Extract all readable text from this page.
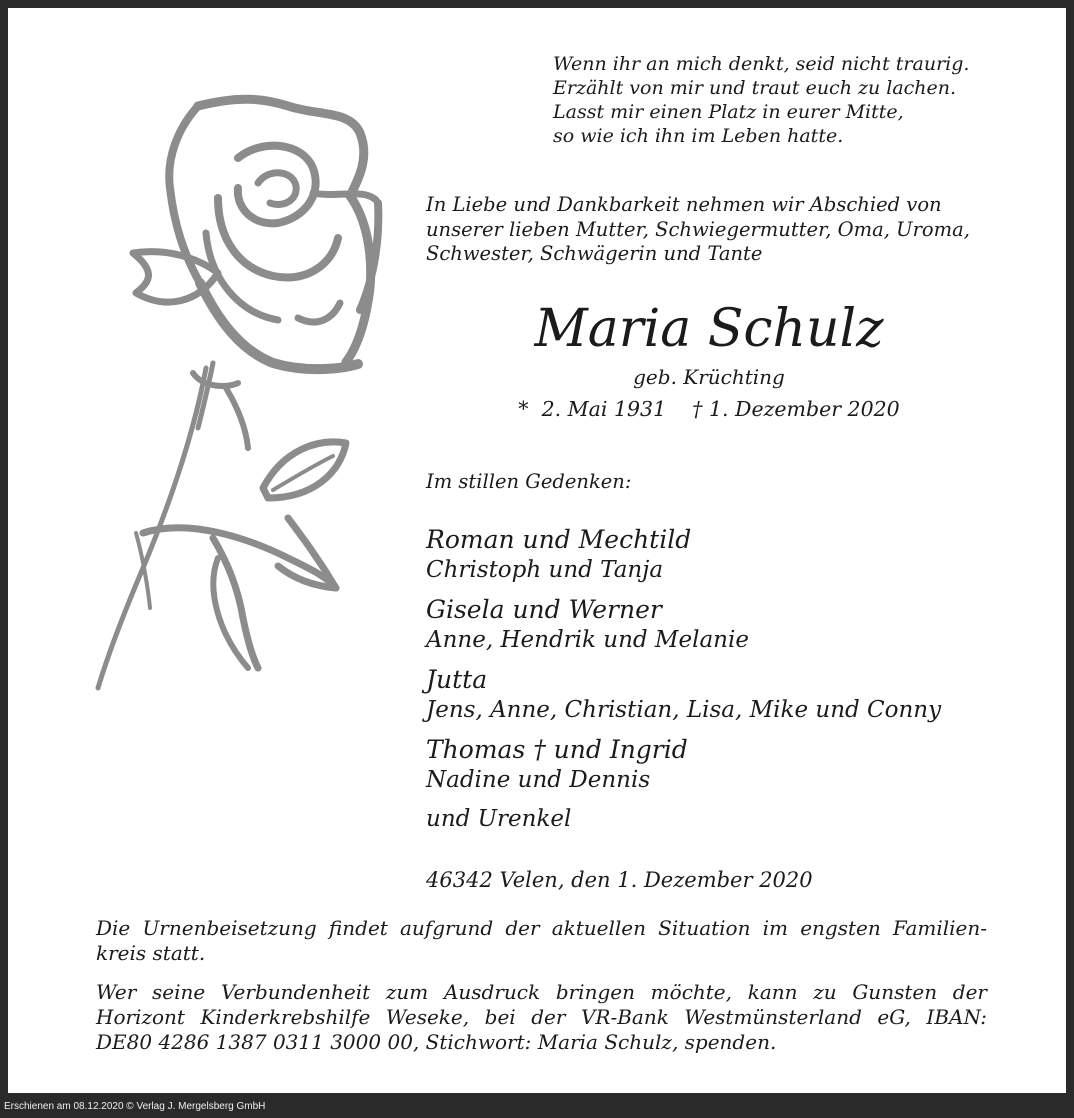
Wenn ihr an mich denkt, seid nicht traurig.
Erzählt von mir und traut euch zu lachen.
Lasst mir einen Platz in eurer Mitte,
so wie ich ihn im Leben hatte.
In Liebe und Dankbarkeit nehmen wir Abschied von
unserer lieben Mutter, Schwiegermutter, Oma, Uroma,
Schwester, Schwägerin und Tante
Maria Schulz
geb. Krüchting
*  2. Mai 1931    † 1. Dezember 2020
Im stillen Gedenken:
Roman und Mechtild
Christoph und Tanja
Gisela und Werner
Anne, Hendrik und Melanie
Jutta
Jens, Anne, Christian, Lisa, Mike und Conny
Thomas † und Ingrid
Nadine und Dennis
und Urenkel
46342 Velen, den 1. Dezember 2020
Die Urnenbeisetzung findet aufgrund der aktuellen Situation im engsten Familien-
kreis statt.
Wer seine Verbundenheit zum Ausdruck bringen möchte, kann zu Gunsten der
Horizont Kinderkrebshilfe Weseke, bei der VR-Bank Westmünsterland eG, IBAN:
DE80 4286 1387 0311 3000 00, Stichwort: Maria Schulz, spenden.
Erschienen am 08.12.2020 © Verlag J. Mergelsberg GmbH
